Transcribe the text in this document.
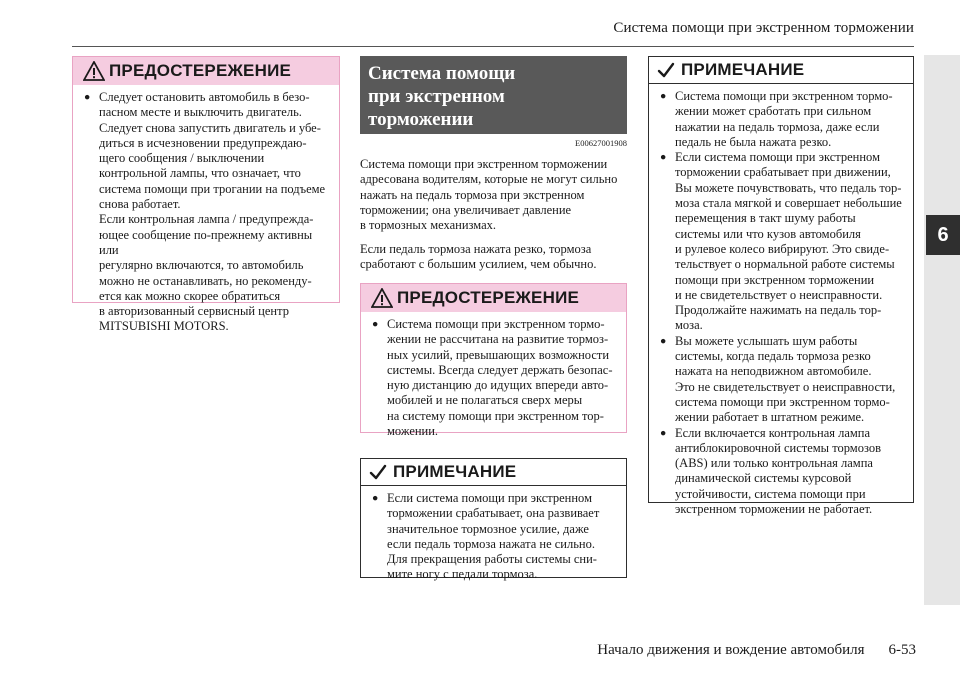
Система помощи при экстренном торможении
6
ПРЕДОСТЕРЕЖЕНИЕ

● Следует остановить автомобиль в безо-
пасном месте и выключить двигатель.
Следует снова запустить двигатель и убе-
диться в исчезновении предупреждаю-
щего сообщения / выключении
контрольной лампы, что означает, что
система помощи при трогании на подъеме
снова работает.
Если контрольная лампа / предупрежда-
ющее сообщение по-прежнему активны или
регулярно включаются, то автомобиль
можно не останавливать, но рекоменду-
ется как можно скорее обратиться
в авторизованный сервисный центр
MITSUBISHI MOTORS.

Система помощи
при экстренном
торможении
E00627001908
Система помощи при экстренном торможении
адресована водителям, которые не могут сильно
нажать на педаль тормоза при экстренном
торможении; она увеличивает давление
в тормозных механизмах.
Если педаль тормоза нажата резко, тормоза
сработают с большим усилием, чем обычно.
ПРЕДОСТЕРЕЖЕНИЕ

● Система помощи при экстренном тормо-
жении не рассчитана на развитие тормоз-
ных усилий, превышающих возможности
системы. Всегда следует держать безопас-
ную дистанцию до идущих впереди авто-
мобилей и не полагаться сверх меры
на систему помощи при экстренном тор-
можении.

ПРИМЕЧАНИЕ

● Если система помощи при экстренном
торможении срабатывает, она развивает
значительное тормозное усилие, даже
если педаль тормоза нажата не сильно.
Для прекращения работы системы сни-
мите ногу с педали тормоза.

ПРИМЕЧАНИЕ

● Система помощи при экстренном тормо-
жении может сработать при сильном
нажатии на педаль тормоза, даже если
педаль не была нажата резко.

● Если система помощи при экстренном
торможении срабатывает при движении,
Вы можете почувствовать, что педаль тор-
моза стала мягкой и совершает небольшие
перемещения в такт шуму работы
системы или что кузов автомобиля
и рулевое колесо вибрируют. Это свиде-
тельствует о нормальной работе системы
помощи при экстренном торможении
и не свидетельствует о неисправности.
Продолжайте нажимать на педаль тор-
моза.

● Вы можете услышать шум работы
системы, когда педаль тормоза резко
нажата на неподвижном автомобиле.
Это не свидетельствует о неисправности,
система помощи при экстренном тормо-
жении работает в штатном режиме.

● Если включается контрольная лампа
антиблокировочной системы тормозов
(ABS) или только контрольная лампа
динамической системы курсовой
устойчивости, система помощи при
экстренном торможении не работает.

Начало движения и вождение автомобиля 6-53
